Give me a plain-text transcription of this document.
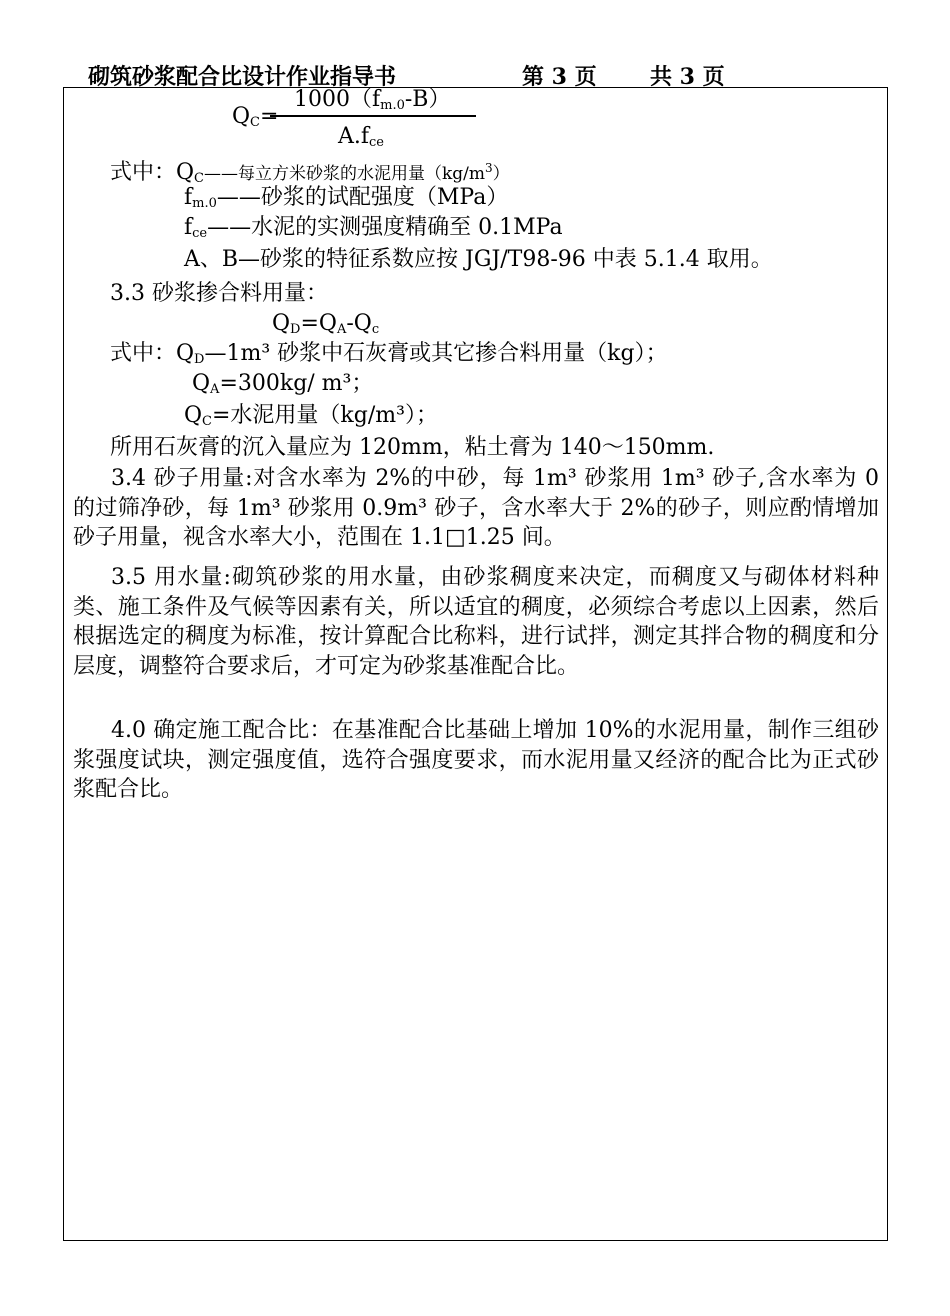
砌筑砂浆配合比设计作业指导书	第 3 页 共 3 页
$1000(f_{m.0}-B)$
$Q_C=$
$A.f_{ce}$
式中：$Q_C——$每立方米砂浆的水泥用量$(kg/m^3)$
$f_{m.0}——$砂浆的试配强度（MPa）
$f_{ce}——$水泥的实测强度精确至 0.1MPa
A、B—砂浆的特征系数应按 JGJ/T98-96 中表 5.1.4 取用。
3.3 砂浆掺合料用量：
$Q_D=Q_A-Q_c$
式中：$Q_D—1m^3$ 砂浆中石灰膏或其它掺合料用量（kg）；
$Q_A=300kg/$ m³；
$Q_C=$水泥用量（kg/m³）；
所用石灰膏的沉入量应为 120mm，粘土膏为 140～150mm.
3.4 砂子用量:对含水率为 2%的中砂，每 1m³ 砂浆用 1m³ 砂子,含水率为 0 的过筛净砂，每 1m³ 砂浆用 0.9m³ 砂子，含水率大于 2%的砂子，则应酌情增加砂子用量，视含水率大小，范围在 1.1□1.25 间。
3.5 用水量:砌筑砂浆的用水量，由砂浆稠度来决定，而稠度又与砌体材料种类、施工条件及气候等因素有关，所以适宜的稠度，必须综合考虑以上因素，然后根据选定的稠度为标准，按计算配合比称料，进行试拌，测定其拌合物的稠度和分层度，调整符合要求后，才可定为砂浆基准配合比。
4.0 确定施工配合比：在基准配合比基础上增加 10%的水泥用量，制作三组砂浆强度试块，测定强度值，选符合强度要求，而水泥用量又经济的配合比为正式砂浆配合比。
